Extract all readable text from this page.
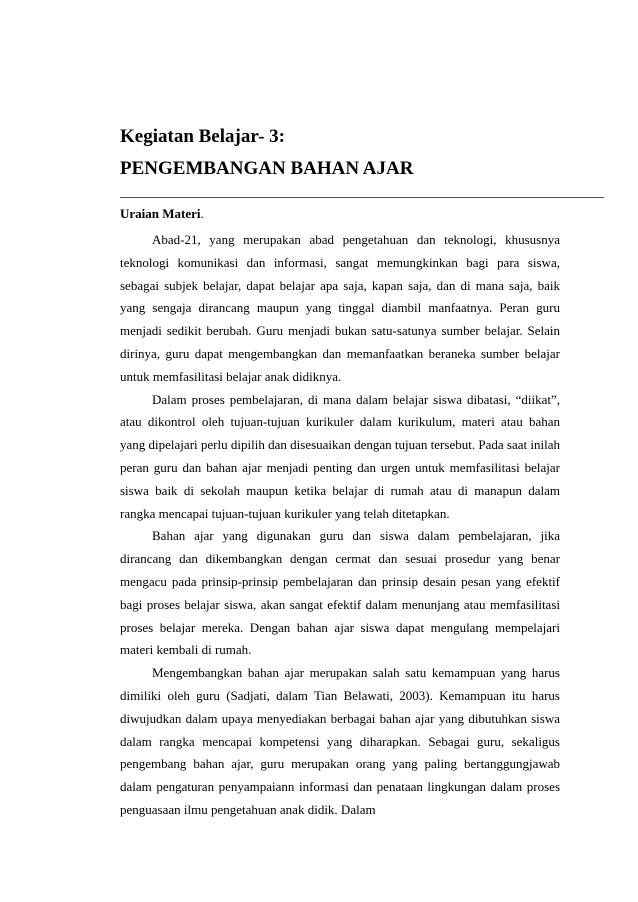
Kegiatan Belajar- 3:
PENGEMBANGAN BAHAN AJAR
Uraian Materi.

Abad-21, yang merupakan abad pengetahuan dan teknologi, khususnya teknologi komunikasi dan informasi, sangat memungkinkan bagi para siswa, sebagai subjek belajar, dapat belajar apa saja, kapan saja, dan di mana saja, baik yang sengaja dirancang maupun yang tinggal diambil manfaatnya. Peran guru menjadi sedikit berubah. Guru menjadi bukan satu-satunya sumber belajar. Selain dirinya, guru dapat mengembangkan dan memanfaatkan beraneka sumber belajar untuk memfasilitasi belajar anak didiknya.

Dalam proses pembelajaran, di mana dalam belajar siswa dibatasi, “diikat”, atau dikontrol oleh tujuan-tujuan kurikuler dalam kurikulum, materi atau bahan yang dipelajari perlu dipilih dan disesuaikan dengan tujuan tersebut. Pada saat inilah peran guru dan bahan ajar menjadi penting dan urgen untuk memfasilitasi belajar siswa baik di sekolah maupun ketika belajar di rumah atau di manapun dalam rangka mencapai tujuan-tujuan kurikuler yang telah ditetapkan.

Bahan ajar yang digunakan guru dan siswa dalam pembelajaran, jika dirancang dan dikembangkan dengan cermat dan sesuai prosedur yang benar mengacu pada prinsip-prinsip pembelajaran dan prinsip desain pesan yang efektif bagi proses belajar siswa, akan sangat efektif dalam menunjang atau memfasilitasi proses belajar mereka. Dengan bahan ajar siswa dapat mengulang mempelajari materi kembali di rumah.

Mengembangkan bahan ajar merupakan salah satu kemampuan yang harus dimiliki oleh guru (Sadjati, dalam Tian Belawati, 2003). Kemampuan itu harus diwujudkan dalam upaya menyediakan berbagai bahan ajar yang dibutuhkan siswa dalam rangka mencapai kompetensi yang diharapkan. Sebagai guru, sekaligus pengembang bahan ajar, guru merupakan orang yang paling bertanggungjawab dalam pengaturan penyampaiann informasi dan penataan lingkungan dalam proses penguasaan ilmu pengetahuan anak didik. Dalam
